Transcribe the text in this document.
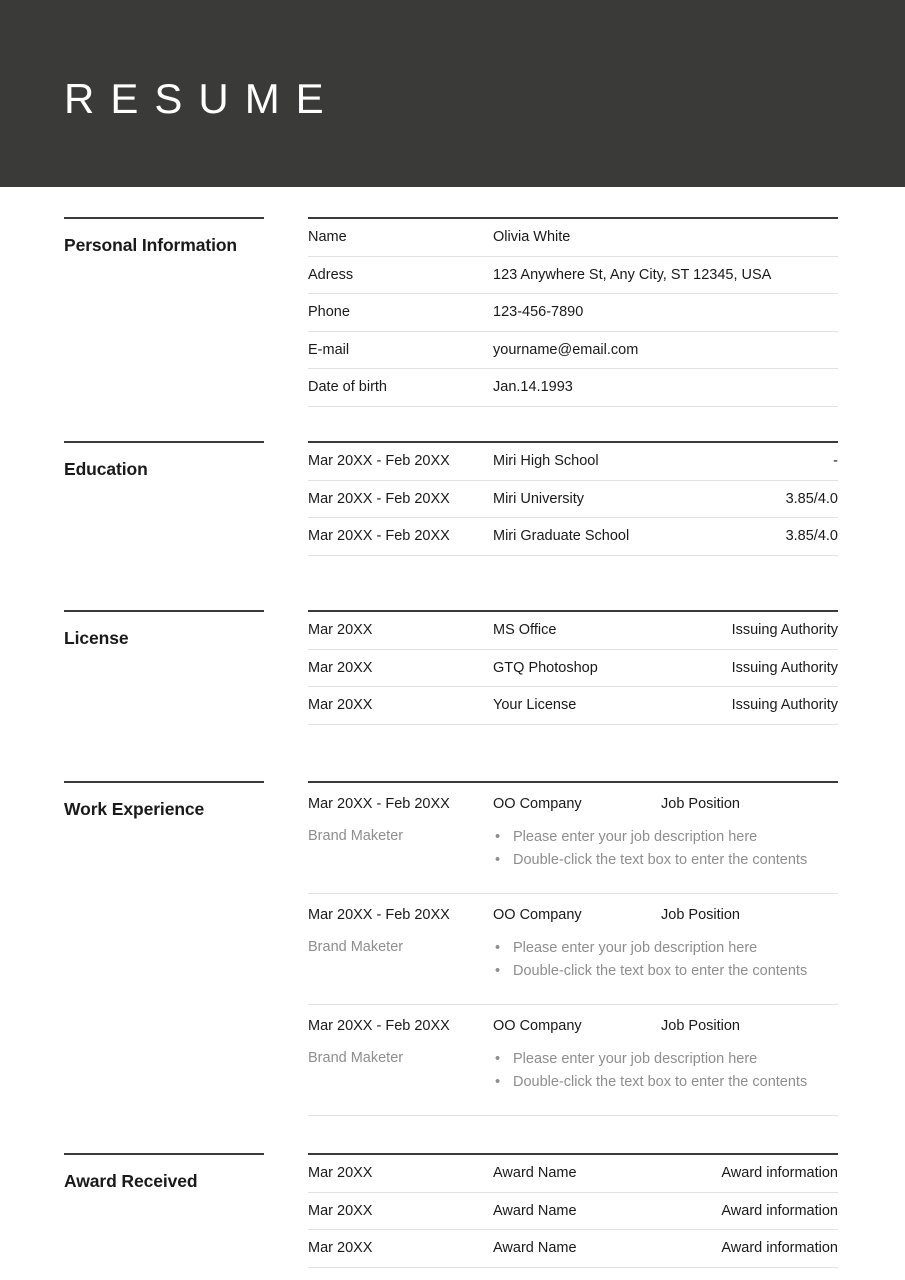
RESUME
Personal Information	Name	Olivia White
Adress	123 Anywhere St, Any City, ST 12345, USA
Phone	123-456-7890
E-mail	yourname@email.com
Date of birth	Jan.14.1993
Education	Mar 20XX - Feb 20XX	Miri High School	-
Mar 20XX - Feb 20XX	Miri University	3.85/4.0
Mar 20XX - Feb 20XX	Miri Graduate School	3.85/4.0
License	Mar 20XX	MS Office	Issuing Authority
Mar 20XX	GTQ Photoshop	Issuing Authority
Mar 20XX	Your License	Issuing Authority
Work Experience	Mar 20XX - Feb 20XX	OO Company	Job Position
Brand Maketer	• Please enter your job description here
• Double-click the text box to enter the contents
Mar 20XX - Feb 20XX	OO Company	Job Position
Brand Maketer	• Please enter your job description here
• Double-click the text box to enter the contents
Mar 20XX - Feb 20XX	OO Company	Job Position
Brand Maketer	• Please enter your job description here
• Double-click the text box to enter the contents
Award Received	Mar 20XX	Award Name	Award information
Mar 20XX	Award Name	Award information
Mar 20XX	Award Name	Award information
